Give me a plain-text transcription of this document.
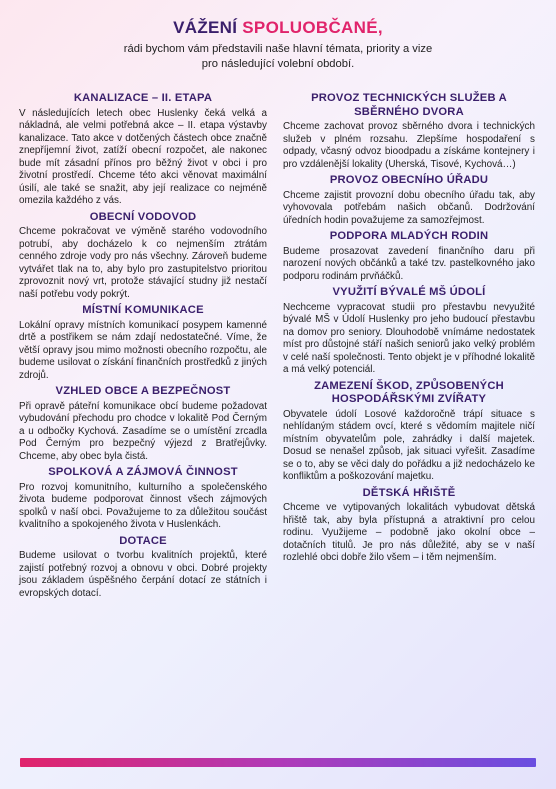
VÁŽENÍ SPOLUOBČANÉ,
rádi bychom vám představili naše hlavní témata, priority a vize
pro následující volební období.
KANALIZACE – II. ETAPA
V následujících letech obec Huslenky čeká velká a nákladná, ale velmi potřebná akce – II. etapa výstavby kanalizace. Tato akce v dotčených částech obce značně znepříjemní život, zatíží obecní rozpočet, ale nakonec bude mít zásadní přínos pro běžný život v obci i pro životní prostředí. Chceme této akci věnovat maximální úsilí, ale také se snažit, aby její realizace co nejméně omezila každého z vás.
OBECNÍ VODOVOD
Chceme pokračovat ve výměně starého vodovodního potrubí, aby docházelo k co nejmenším ztrátám cenného zdroje vody pro nás všechny. Zároveň budeme vytvářet tlak na to, aby bylo pro zastupitelstvo prioritou zprovoznit nový vrt, protože stávající studny již nestačí naší potřebu vody pokrýt.
MÍSTNÍ KOMUNIKACE
Lokální opravy místních komunikací posypem kamenné drtě a postřikem se nám zdají nedostatečné. Víme, že větší opravy jsou mimo možnosti obecního rozpočtu, ale budeme usilovat o získání finančních prostředků z jiných zdrojů.
VZHLED OBCE A BEZPEČNOST
Při opravě páteřní komunikace obcí budeme požadovat vybudování přechodu pro chodce v lokalitě Pod Černým a u odbočky Kychová. Zasadíme se o umístění zrcadla Pod Černým pro bezpečný výjezd z Bratřejůvky. Chceme, aby obec byla čistá.
SPOLKOVÁ A ZÁJMOVÁ ČINNOST
Pro rozvoj komunitního, kulturního a společenského života budeme podporovat činnost všech zájmových spolků v naší obci. Považujeme to za důležitou součást kvalitního a spokojeného života v Huslenkách.
DOTACE
Budeme usilovat o tvorbu kvalitních projektů, které zajistí potřebný rozvoj a obnovu v obci. Dobré projekty jsou základem úspěšného čerpání dotací ze státních i evropských dotací.
PROVOZ TECHNICKÝCH SLUŽEB A SBĚRNÉHO DVORA
Chceme zachovat provoz sběrného dvora i technických služeb v plném rozsahu. Zlepšíme hospodaření s odpady, včasný odvoz bioodpadu a získáme kontejnery i pro vzdálenější lokality (Uherská, Tisové, Kychová…)
PROVOZ OBECNÍHO ÚŘADU
Chceme zajistit provozní dobu obecního úřadu tak, aby vyhovovala potřebám našich občanů. Dodržování úředních hodin považujeme za samozřejmost.
PODPORA MLADÝCH RODIN
Budeme prosazovat zavedení finančního daru při narození nových občánků a také tzv. pastelkovného jako podporu rodinám prvňáčků.
VYUŽITÍ BÝVALÉ MŠ ÚDOLÍ
Nechceme vypracovat studii pro přestavbu nevyužité bývalé MŠ v Údolí Huslenky pro jeho budoucí přestavbu na domov pro seniory. Dlouhodobě vnímáme nedostatek míst pro důstojné stáří našich seniorů jako velký problém v celé naší společnosti. Tento objekt je v příhodné lokalitě a má velký potenciál.
ZAMEZENÍ ŠKOD, ZPŮSOBENÝCH HOSPODÁŘSKÝMI ZVÍŘATY
Obyvatele údolí Losové každoročně trápí situace s nehlídaným stádem ovcí, které s vědomím majitele ničí místním obyvatelům pole, zahrádky i další majetek. Dosud se nenašel způsob, jak situaci vyřešit. Zasadíme se o to, aby se věci daly do pořádku a již nedocházelo ke konfliktům a poškozování majetku.
DĚTSKÁ HŘIŠTĚ
Chceme ve vytipovaných lokalitách vybudovat dětská hřiště tak, aby byla přístupná a atraktivní pro celou rodinu. Využijeme – podobně jako okolní obce – dotačních titulů. Je pro nás důležité, aby se v naší rozlehlé obci dobře žilo všem – i těm nejmenším.
